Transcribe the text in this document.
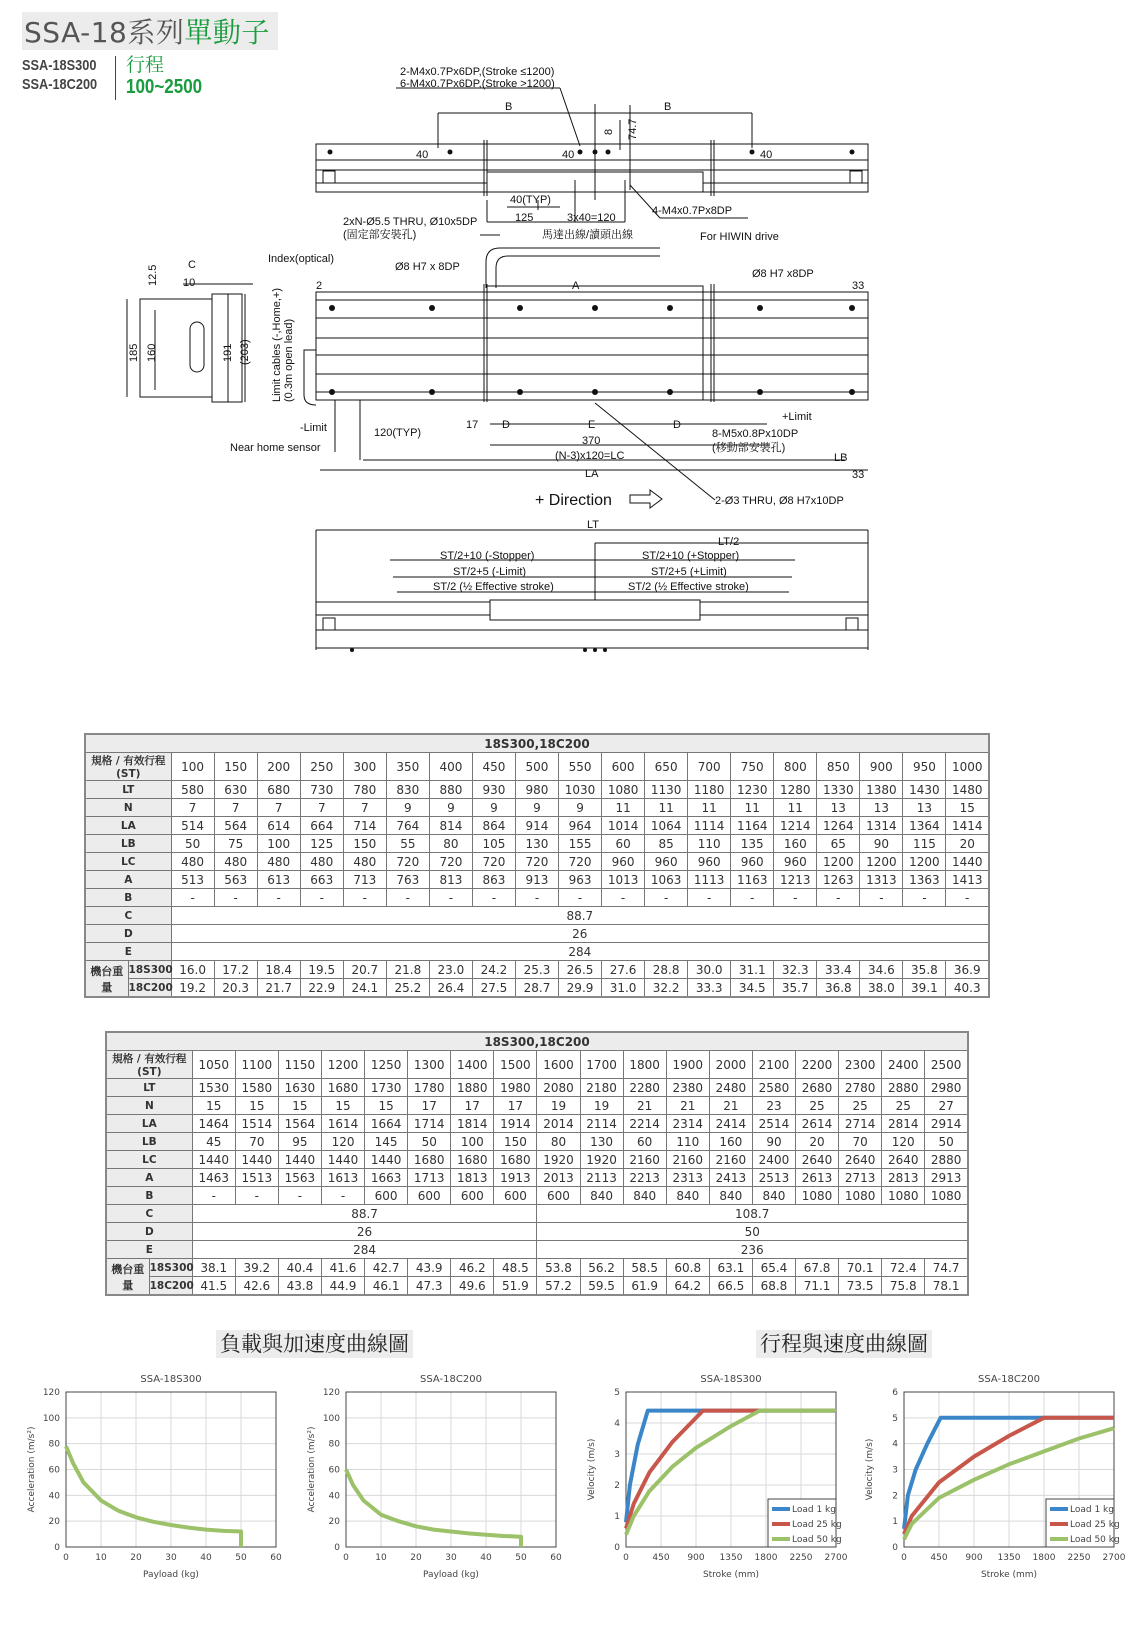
SSA-18系列 單動子
SSA-18S300
SSA-18C200
行程
100~2500
2-M4x0.7Px6DP,(Stroke ≤1200)
6-M4x0.7Px6DP,(Stroke >1200)
B	B
40	40	40
8 74.7
40(TYP)
125	3x40=120
4-M4x0.7Px8DP
2xN-Ø5.5 THRU, Ø10x5DP
(固定部安裝孔)	馬達出線/讀頭出線	For HIWIN drive
Index(optical)
Ø8 H7 x 8DP
Ø8 H7 x8DP
2	A	33
C
10
12.5
185 160	191 (203) Limit cables (-,Home,+) (0.3m open lead)
-Limit
Near home sensor
120(TYP)
17 D	E	D
370
(N-3)x120=LC
LA
+Limit
8-M5x0.8Px10DP
(移動部安裝孔)
LB
33
+ Direction	2-Ø3 THRU, Ø8 H7x10DP
LT
LT/2
ST/2+10 (-Stopper)	ST/2+10 (+Stopper)
ST/2+5 (-Limit)	ST/2+5 (+Limit)
ST/2 (½ Effective stroke)	ST/2 (½ Effective stroke)
18S300,18C200																				
規格 / 有效行程 (ST)		100	150	200	250	300	350	400	450	500	550	600	650	700	750	800	850	900	950	1000
LT		580	630	680	730	780	830	880	930	980	1030	1080	1130	1180	1230	1280	1330	1380	1430	1480
N		7	7	7	7	7	9	9	9	9	9	11	11	11	11	11	13	13	13	15
LA		514	564	614	664	714	764	814	864	914	964	1014	1064	1114	1164	1214	1264	1314	1364	1414
LB		50	75	100	125	150	55	80	105	130	155	60	85	110	135	160	65	90	115	20
LC		480	480	480	480	480	720	720	720	720	720	960	960	960	960	960	1200	1200	1200	1440
A		513	563	613	663	713	763	813	863	913	963	1013	1063	1113	1163	1213	1263	1313	1363	1413
B		-	-	-	-	-	-	-	-	-	-	-	-	-	-	-	-	-	-	-
C		88.7																		
D		26																		
E		284																		
機台重量	18S300	16.0	17.2	18.4	19.5	20.7	21.8	23.0	24.2	25.3	26.5	27.6	28.8	30.0	31.1	32.3	33.4	34.6	35.8	36.9
	18C200	19.2	20.3	21.7	22.9	24.1	25.2	26.4	27.5	28.7	29.9	31.0	32.2	33.3	34.5	35.7	36.8	38.0	39.1	40.3
18S300,18C200																			
規格 / 有效行程 (ST)		1050	1100	1150	1200	1250	1300	1400	1500	1600	1700	1800	1900	2000	2100	2200	2300	2400	2500
LT		1530	1580	1630	1680	1730	1780	1880	1980	2080	2180	2280	2380	2480	2580	2680	2780	2880	2980
N		15	15	15	15	15	17	17	17	19	19	21	21	21	23	25	25	25	27
LA		1464	1514	1564	1614	1664	1714	1814	1914	2014	2114	2214	2314	2414	2514	2614	2714	2814	2914
LB		45	70	95	120	145	50	100	150	80	130	60	110	160	90	20	70	120	50
LC		1440	1440	1440	1440	1440	1680	1680	1680	1920	1920	2160	2160	2160	2400	2640	2640	2640	2880
A		1463	1513	1563	1613	1663	1713	1813	1913	2013	2113	2213	2313	2413	2513	2613	2713	2813	2913
B		-	-	-	-	600	600	600	600	600	840	840	840	840	840	1080	1080	1080	1080
C		88.7								108.7									
D		26								50									
E		284								236									
機台重量	18S300	38.1	39.2	40.4	41.6	42.7	43.9	46.2	48.5	53.8	56.2	58.5	60.8	63.1	65.4	67.8	70.1	72.4	74.7
	18C200	41.5	42.6	43.8	44.9	46.1	47.3	49.6	51.9	57.2	59.5	61.9	64.2	66.5	68.8	71.1	73.5	75.8	78.1
負載與加速度曲線圖	行程與速度曲線圖
SSA-18S300
0	10	20	30	40	50	60
0
20
40
60
80
100
120
Payload (kg)
Acceleration (m/s²)
SSA-18C200
0	10	20	30	40	50	60
0
20
40
60
80
100
120
Payload (kg)
Acceleration (m/s²)
SSA-18S300
0	450 900 1350 1800 2250 2700
0
1
2
3
4
5
Stroke (mm)
Velocity (m/s)
Load 1 kg
Load 25 kg
Load 50 kg
SSA-18C200
0	450 900 1350 1800 2250 2700
0
1
2
3
4
5
6
Stroke (mm)
Velocity (m/s)
Load 1 kg
Load 25 kg
Load 50 kg
